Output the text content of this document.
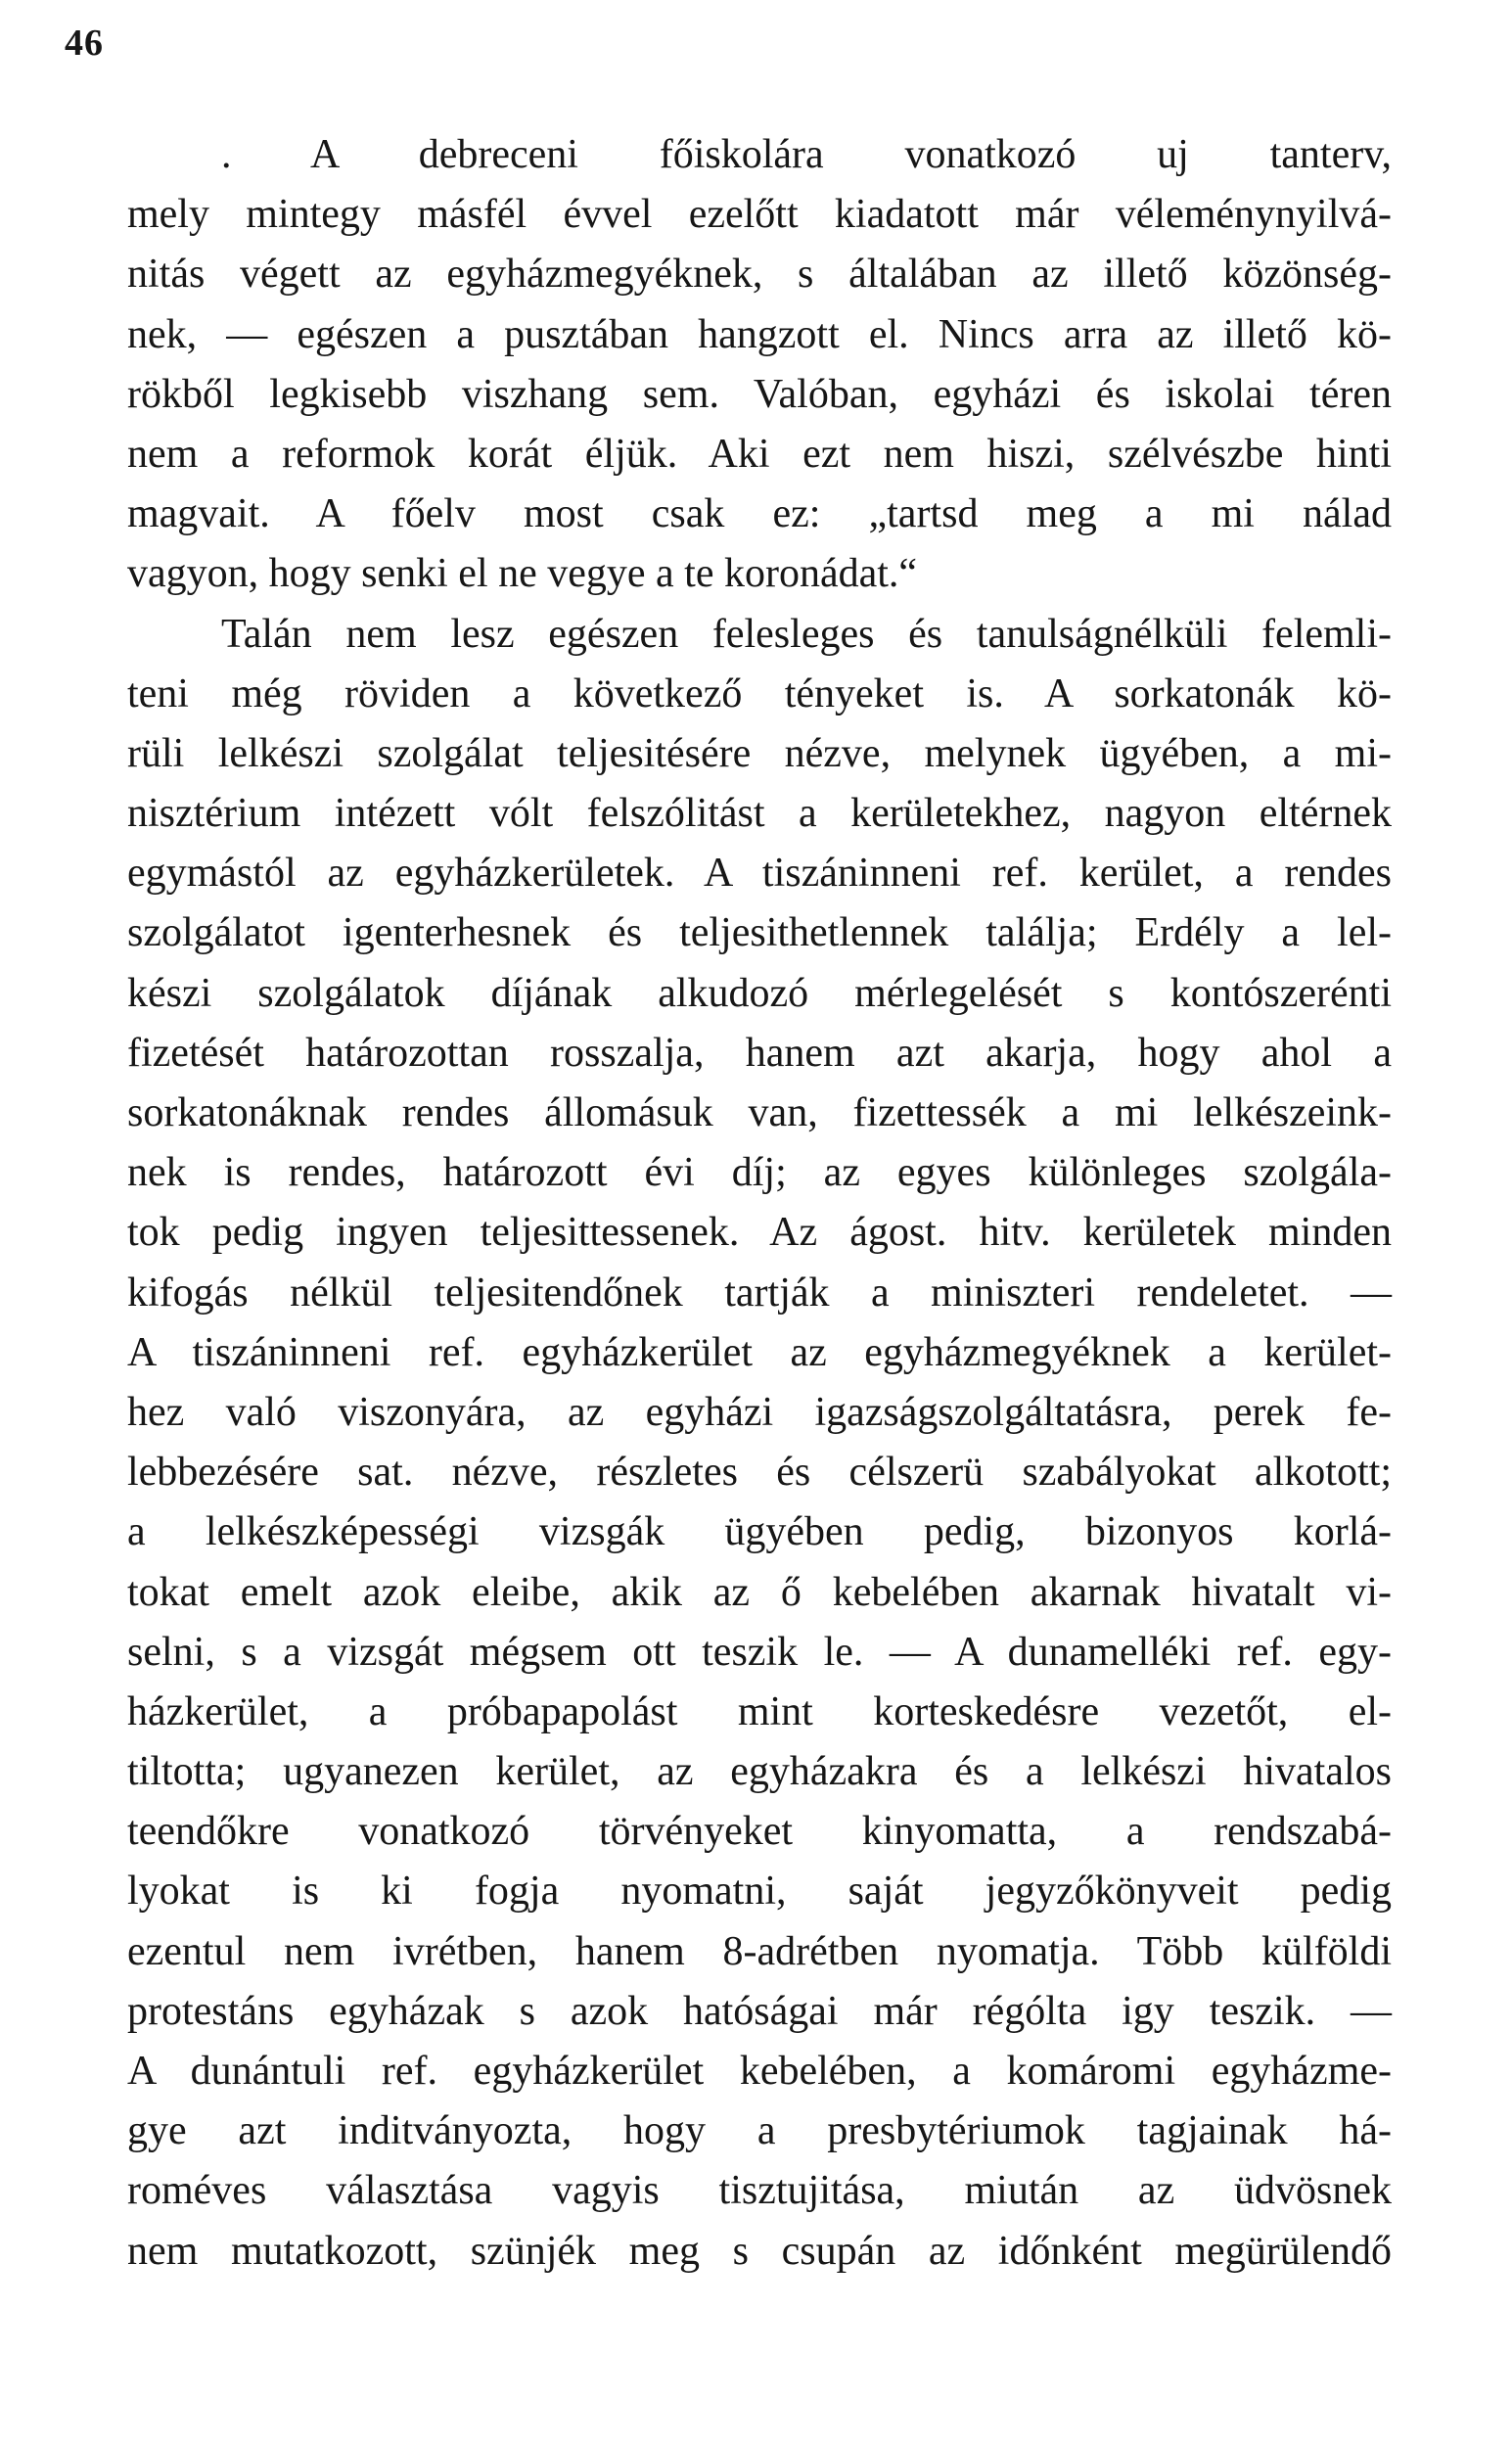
46
. A debreceni főiskolára vonatkozó uj tanterv,
mely mintegy másfél évvel ezelőtt kiadatott már véleménynyilvá-
nitás végett az egyházmegyéknek, s általában az illető közönség-
nek, — egészen a pusztában hangzott el. Nincs arra az illető kö-
rökből legkisebb viszhang sem. Valóban, egyházi és iskolai téren
nem a reformok korát éljük. Aki ezt nem hiszi, szélvészbe hinti
magvait. A főelv most csak ez: „tartsd meg a mi nálad
vagyon, hogy senki el ne vegye a te koronádat.“
Talán nem lesz egészen felesleges és tanulságnélküli felemli-
teni még röviden a következő tényeket is. A sorkatonák kö-
rüli lelkészi szolgálat teljesitésére nézve, melynek ügyében, a mi-
nisztérium intézett vólt felszólitást a kerületekhez, nagyon eltérnek
egymástól az egyházkerületek. A tiszáninneni ref. kerület, a rendes
szolgálatot igenterhesnek és teljesithetlennek találja; Erdély a lel-
készi szolgálatok díjának alkudozó mérlegelését s kontószerénti
fizetését határozottan rosszalja, hanem azt akarja, hogy ahol a
sorkatonáknak rendes állomásuk van, fizettessék a mi lelkészeink-
nek is rendes, határozott évi díj; az egyes különleges szolgála-
tok pedig ingyen teljesittessenek. Az ágost. hitv. kerületek minden
kifogás nélkül teljesitendőnek tartják a miniszteri rendeletet. —
A tiszáninneni ref. egyházkerület az egyházmegyéknek a kerület-
hez való viszonyára, az egyházi igazságszolgáltatásra, perek fe-
lebbezésére sat. nézve, részletes és célszerü szabályokat alkotott;
a lelkészképességi vizsgák ügyében pedig, bizonyos korlá-
tokat emelt azok eleibe, akik az ő kebelében akarnak hivatalt vi-
selni, s a vizsgát mégsem ott teszik le. — A dunamelléki ref. egy-
házkerület, a próbapapolást mint korteskedésre vezetőt, el-
tiltotta; ugyanezen kerület, az egyházakra és a lelkészi hivatalos
teendőkre vonatkozó törvényeket kinyomatta, a rendszabá-
lyokat is ki fogja nyomatni, saját jegyzőkönyveit pedig
ezentul nem ivrétben, hanem 8-adrétben nyomatja. Több külföldi
protestáns egyházak s azok hatóságai már régólta igy teszik. —
A dunántuli ref. egyházkerület kebelében, a komáromi egyházme-
gye azt inditványozta, hogy a presbytériumok tagjainak há-
roméves választása vagyis tisztujitása, miután az üdvösnek
nem mutatkozott, szünjék meg s csupán az időnként megürülendő
